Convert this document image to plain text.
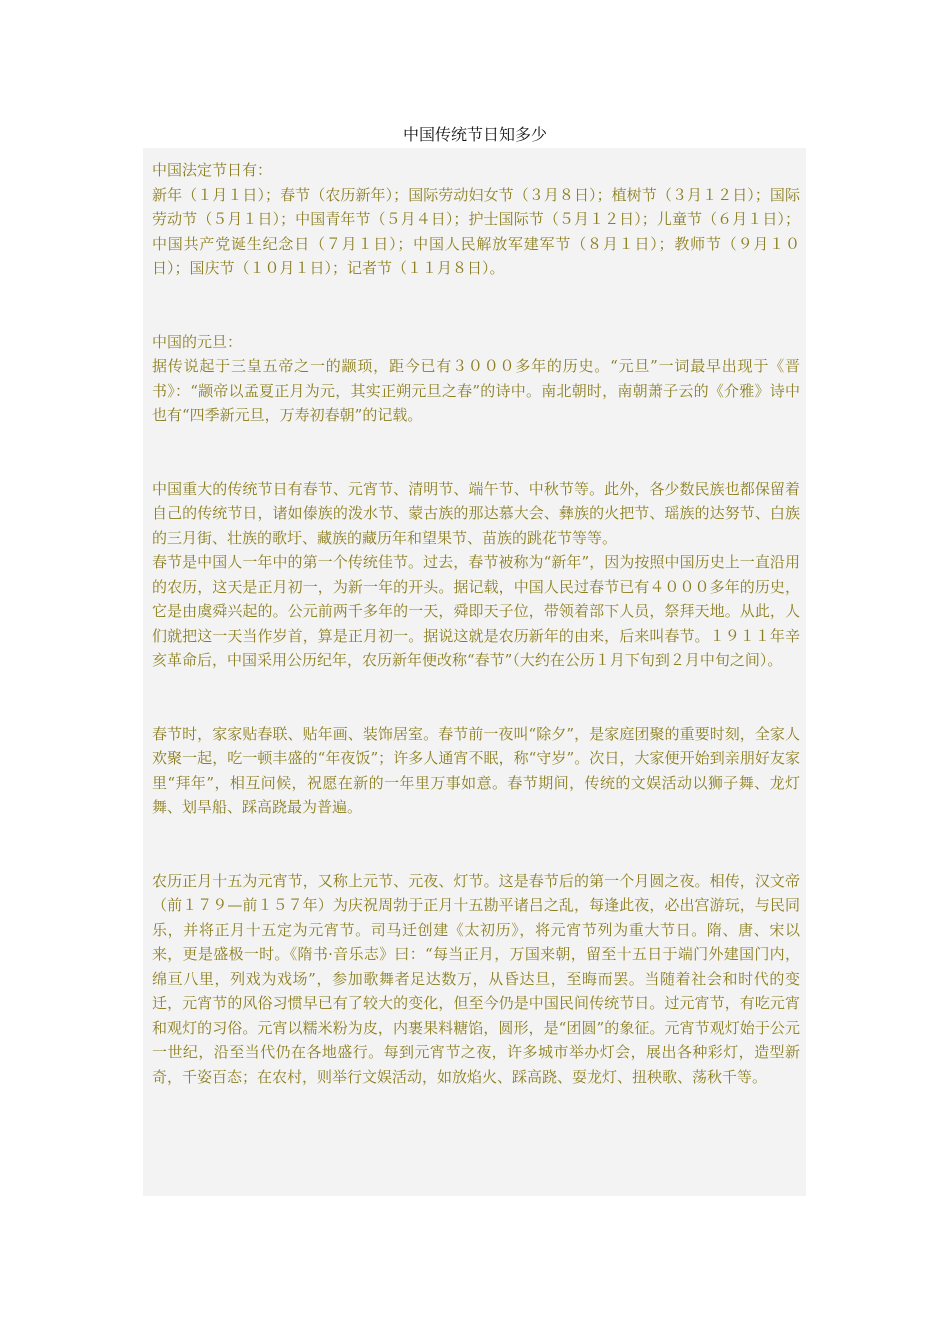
中国传统节日知多少

中国法定节日有：

新年（１月１日）；春节（农历新年）；国际劳动妇女节（３月８日）；植树节（３月１２日）；国际劳动节（５月１日）；中国青年节（５月４日）；护士国际节（５月１２日）；儿童节（６月１日）；中国共产党诞生纪念日（７月１日）；中国人民解放军建军节（８月１日）；教师节（９月１０日）；国庆节（１０月１日）；记者节（１１月８日）。

中国的元旦：

据传说起于三皇五帝之一的颛顼，距今已有３０００多年的历史。“元旦”一词最早出现于《晋书》：“颛帝以孟夏正月为元，其实正朔元旦之春”的诗中。南北朝时，南朝萧子云的《介雅》诗中也有“四季新元旦，万寿初春朝”的记载。

中国重大的传统节日有春节、元宵节、清明节、端午节、中秋节等。此外，各少数民族也都保留着自己的传统节日，诸如傣族的泼水节、蒙古族的那达慕大会、彝族的火把节、瑶族的达努节、白族的三月街、壮族的歌圩、藏族的藏历年和望果节、苗族的跳花节等等。

春节是中国人一年中的第一个传统佳节。过去，春节被称为“新年”，因为按照中国历史上一直沿用的农历，这天是正月初一，为新一年的开头。据记载，中国人民过春节已有４０００多年的历史，它是由虞舜兴起的。公元前两千多年的一天，舜即天子位，带领着部下人员，祭拜天地。从此，人们就把这一天当作岁首，算是正月初一。据说这就是农历新年的由来，后来叫春节。１９１１年辛亥革命后，中国采用公历纪年，农历新年便改称“春节”（大约在公历１月下旬到２月中旬之间）。

春节时，家家贴春联、贴年画、装饰居室。春节前一夜叫“除夕”，是家庭团聚的重要时刻，全家人欢聚一起，吃一顿丰盛的“年夜饭”；许多人通宵不眠，称“守岁”。次日，大家便开始到亲朋好友家里“拜年”，相互问候，祝愿在新的一年里万事如意。春节期间，传统的文娱活动以狮子舞、龙灯舞、划旱船、踩高跷最为普遍。

农历正月十五为元宵节，又称上元节、元夜、灯节。这是春节后的第一个月圆之夜。相传，汉文帝（前１７９—前１５７年）为庆祝周勃于正月十五勘平诸吕之乱，每逢此夜，必出宫游玩，与民同乐，并将正月十五定为元宵节。司马迁创建《太初历》，将元宵节列为重大节日。隋、唐、宋以来，更是盛极一时。《隋书·音乐志》曰：“每当正月，万国来朝，留至十五日于端门外建国门内，绵亘八里，列戏为戏场”，参加歌舞者足达数万，从昏达旦，至晦而罢。当随着社会和时代的变迁，元宵节的风俗习惯早已有了较大的变化，但至今仍是中国民间传统节日。过元宵节，有吃元宵和观灯的习俗。元宵以糯米粉为皮，内裹果料糖馅，圆形，是“团圆”的象征。元宵节观灯始于公元一世纪，沿至当代仍在各地盛行。每到元宵节之夜，许多城市举办灯会，展出各种彩灯，造型新奇，千姿百态；在农村，则举行文娱活动，如放焰火、踩高跷、耍龙灯、扭秧歌、荡秋千等。
